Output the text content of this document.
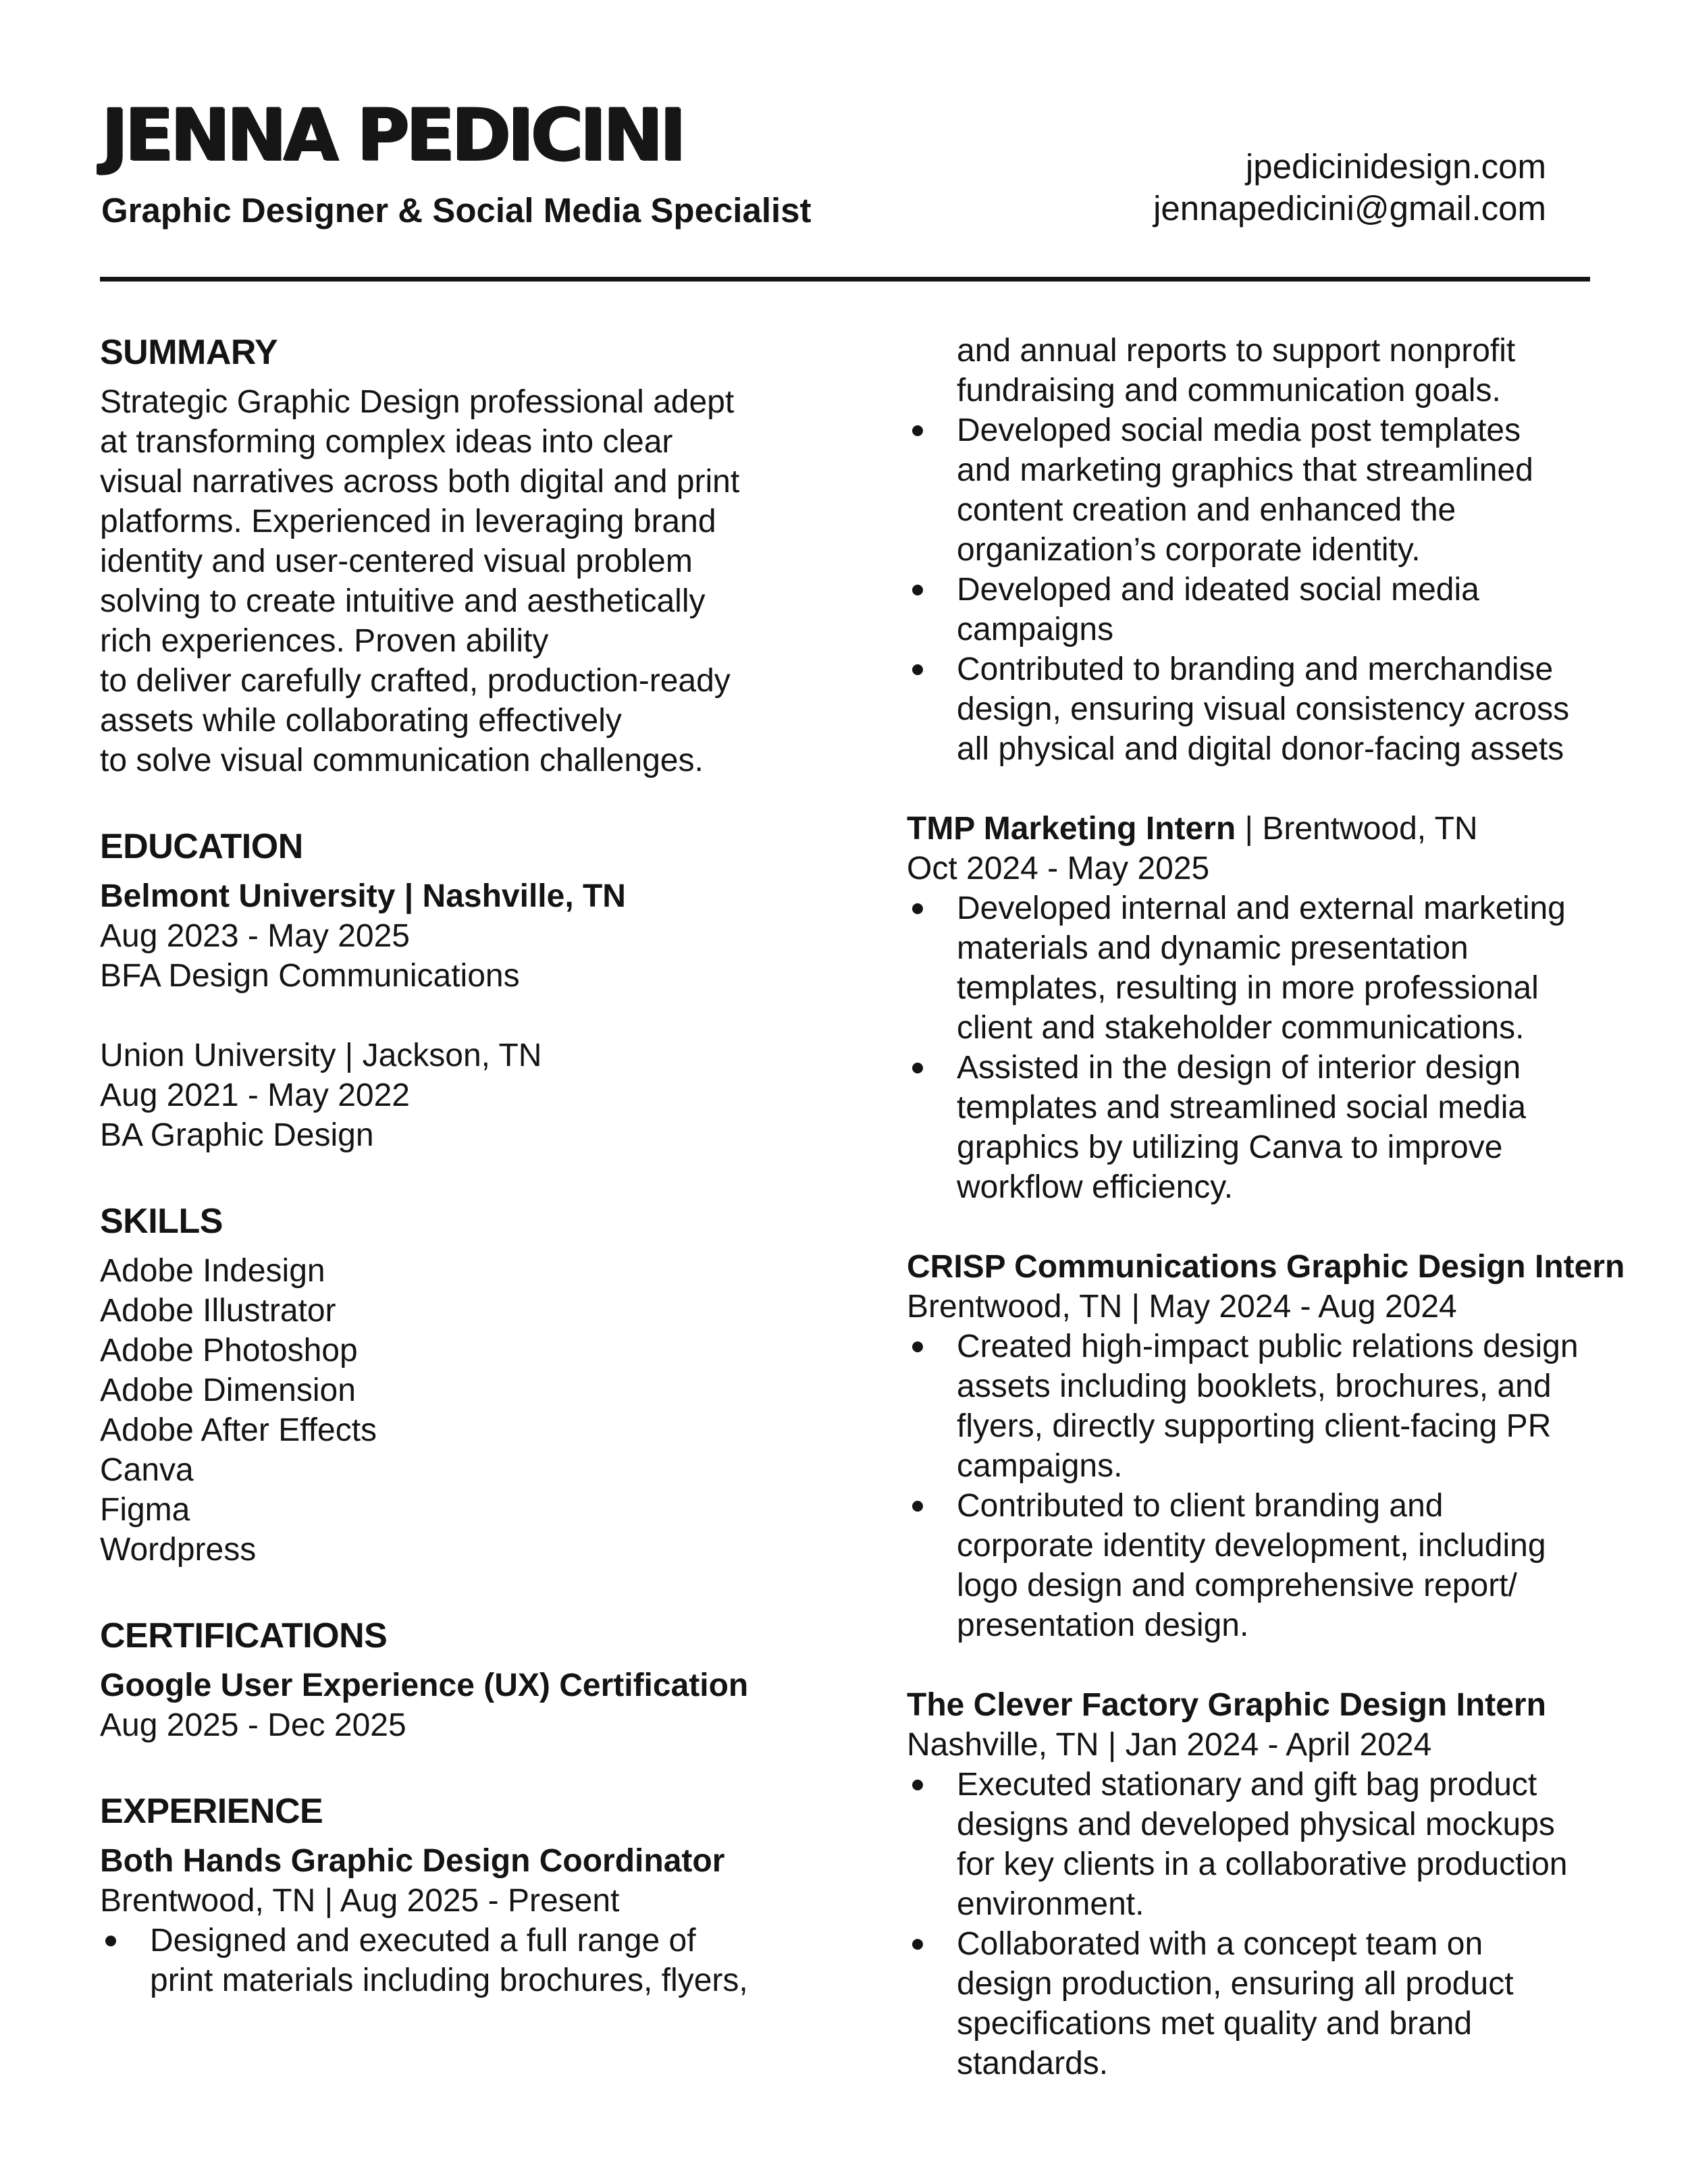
JENNA PEDICINI
Graphic Designer & Social Media Specialist
jpedicinidesign.com
jennapedicini@gmail.com
SUMMARY

Strategic Graphic Design professional adept
at transforming complex ideas into clear
visual narratives across both digital and print
platforms. Experienced in leveraging brand
identity and user-centered visual problem
solving to create intuitive and aesthetically
rich experiences. Proven ability
to deliver carefully crafted, production-ready
assets while collaborating effectively
to solve visual communication challenges.

EDUCATION
Belmont University | Nashville, TN
Aug 2023 - May 2025
BFA Design Communications
Union University | Jackson, TN
Aug 2021 - May 2022
BA Graphic Design
SKILLS
Adobe Indesign
Adobe Illustrator
Adobe Photoshop
Adobe Dimension
Adobe After Effects
Canva
Figma
Wordpress
CERTIFICATIONS
Google User Experience (UX) Certification
Aug 2025 - Dec 2025
EXPERIENCE
Both Hands Graphic Design Coordinator
Brentwood, TN | Aug 2025 - Present
Designed and executed a full range of
print materials including brochures, flyers,
and annual reports to support nonprofit
fundraising and communication goals.
Developed social media post templates
and marketing graphics that streamlined
content creation and enhanced the
organization’s corporate identity.
Developed and ideated social media
campaigns
Contributed to branding and merchandise
design, ensuring visual consistency across
all physical and digital donor-facing assets
TMP Marketing Intern | Brentwood, TN
Oct 2024 - May 2025
Developed internal and external marketing
materials and dynamic presentation
templates, resulting in more professional
client and stakeholder communications.
Assisted in the design of interior design
templates and streamlined social media
graphics by utilizing Canva to improve
workflow efficiency.
CRISP Communications Graphic Design Intern
Brentwood, TN | May 2024 - Aug 2024
Created high-impact public relations design
assets including booklets, brochures, and
flyers, directly supporting client-facing PR
campaigns.
Contributed to client branding and
corporate identity development, including
logo design and comprehensive report/
presentation design.
The Clever Factory Graphic Design Intern
Nashville, TN | Jan 2024 - April 2024
Executed stationary and gift bag product
designs and developed physical mockups
for key clients in a collaborative production
environment.
Collaborated with a concept team on
design production, ensuring all product
specifications met quality and brand
standards.
